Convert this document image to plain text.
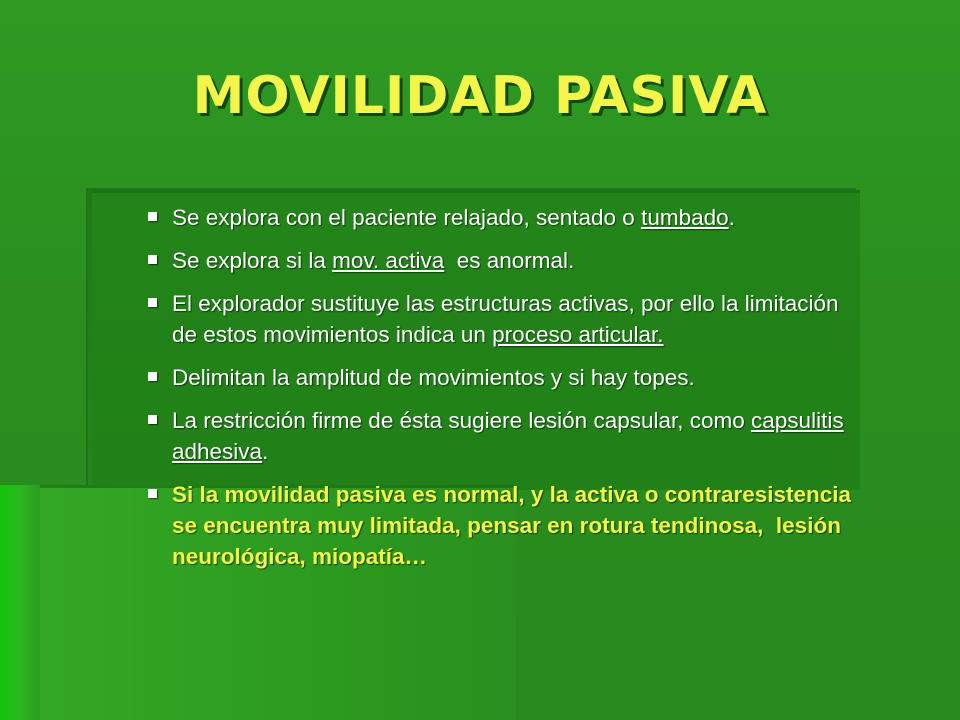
MOVILIDAD PASIVA
Se explora con el paciente relajado, sentado o tumbado.
Se explora si la mov. activa  es anormal.
El explorador sustituye las estructuras activas, por ello la limitación de estos movimientos indica un proceso articular.
Delimitan la amplitud de movimientos y si hay topes.
La restricción firme de ésta sugiere lesión capsular, como capsulitis adhesiva.
Si la movilidad pasiva es normal, y la activa o contraresistencia se encuentra muy limitada, pensar en rotura tendinosa,  lesión neurológica, miopatía…
